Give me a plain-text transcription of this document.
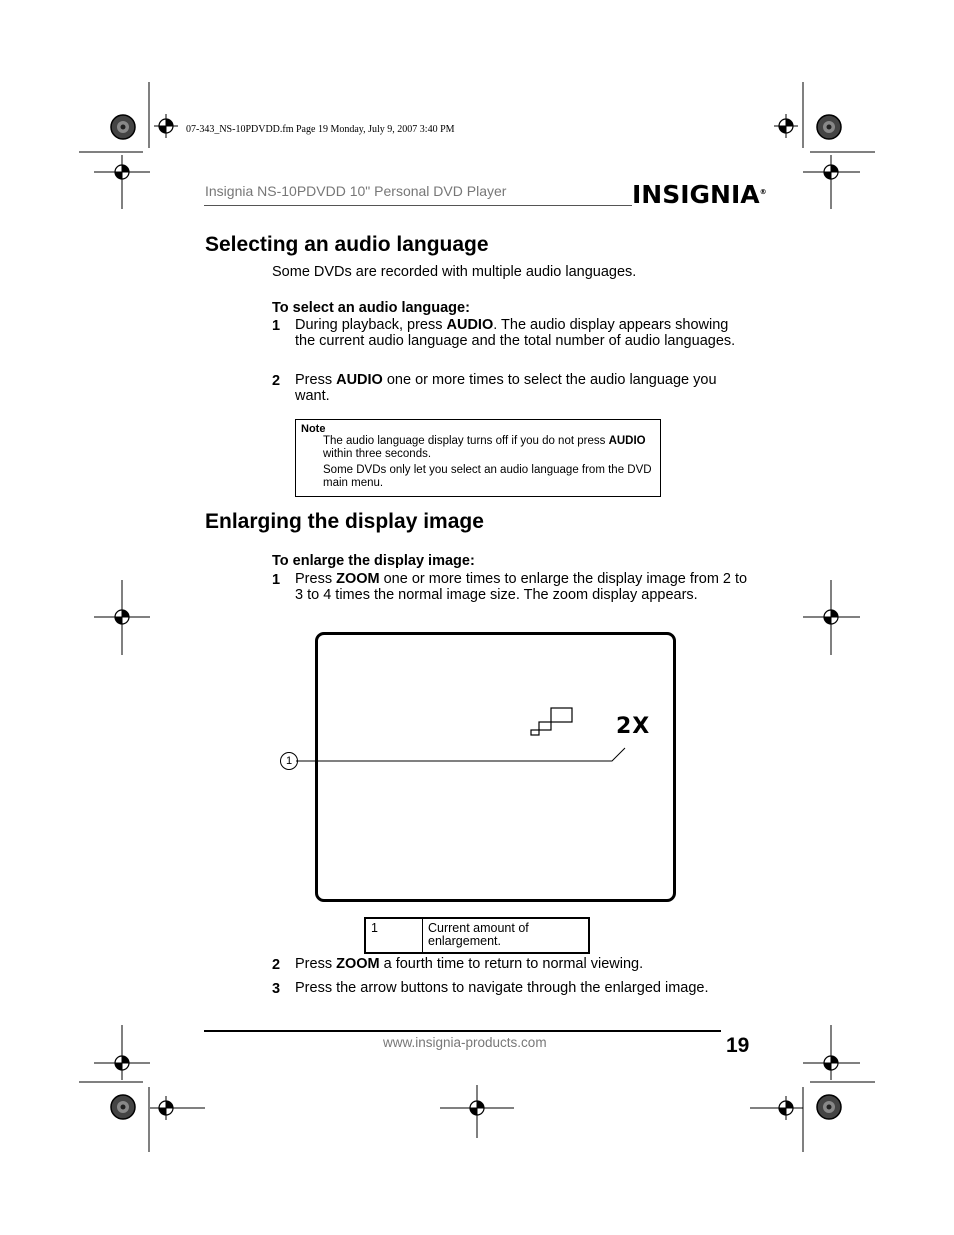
07-343_NS-10PDVDD.fm Page 19 Monday, July 9, 2007 3:40 PM
Insignia NS-10PDVDD 10" Personal DVD Player	INSIGNIA®
Selecting an audio language
Some DVDs are recorded with multiple audio languages.
To select an audio language:
1 During playback, press AUDIO. The audio display appears showing the current audio language and the total number of audio languages.
2 Press AUDIO one or more times to select the audio language you want.
Note
The audio language display turns off if you do not press AUDIO within three seconds.
Some DVDs only let you select an audio language from the DVD main menu.
Enlarging the display image
To enlarge the display image:
1 Press ZOOM one or more times to enlarge the display image from 2 to 3 to 4 times the normal image size. The zoom display appears.
2X
1
1	Current amount of enlargement.
2 Press ZOOM a fourth time to return to normal viewing.
3 Press the arrow buttons to navigate through the enlarged image.
www.insignia-products.com	19
